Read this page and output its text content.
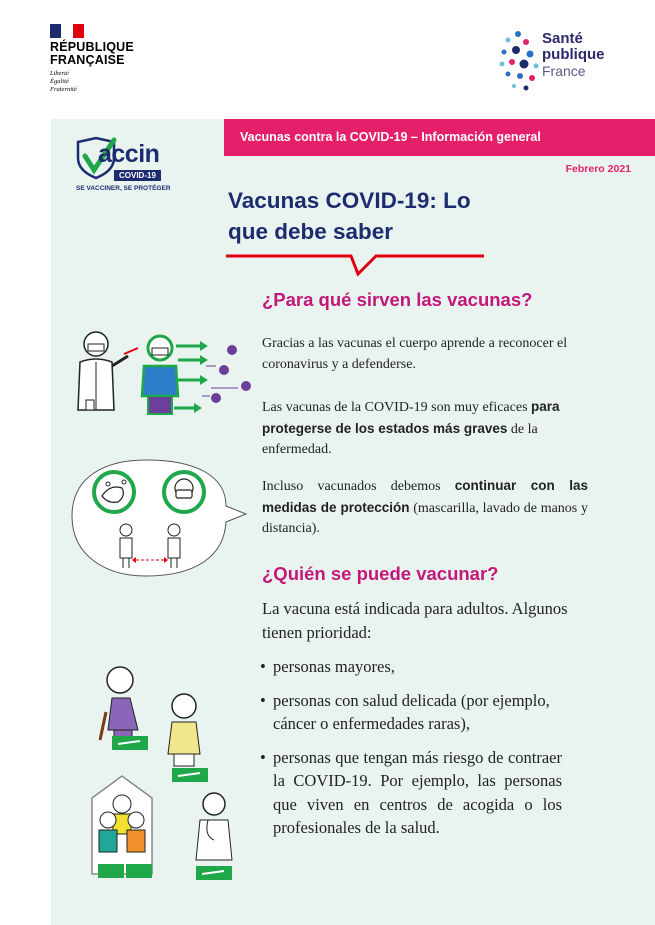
RÉPUBLIQUE
FRANÇAISE
Liberté
Égalité
Fraternité
Santé
publique
France
Vacunas contra la COVID-19 – Información general
Febrero 2021
accin
COVID-19
SE VACCINER, SE PROTÉGER	Vacunas COVID-19: Lo que debe saber
¿Para qué sirven las vacunas?
Gracias a las vacunas el cuerpo aprende a reconocer el coronavirus y a defenderse.
Las vacunas de la COVID-19 son muy eficaces para protegerse de los estados más graves de la enfermedad.
Incluso vacunados debemos continuar con las medidas de protección (mascarilla, lavado de manos y distancia).
¿Quién se puede vacunar?
La vacuna está indicada para adultos. Algunos tienen prioridad:
• personas mayores,
• personas con salud delicada (por ejemplo, cáncer o enfermedades raras),
• personas que tengan más riesgo de contraer la COVID-19. Por ejemplo, las personas que viven en centros de acogida o los profesionales de la salud.
